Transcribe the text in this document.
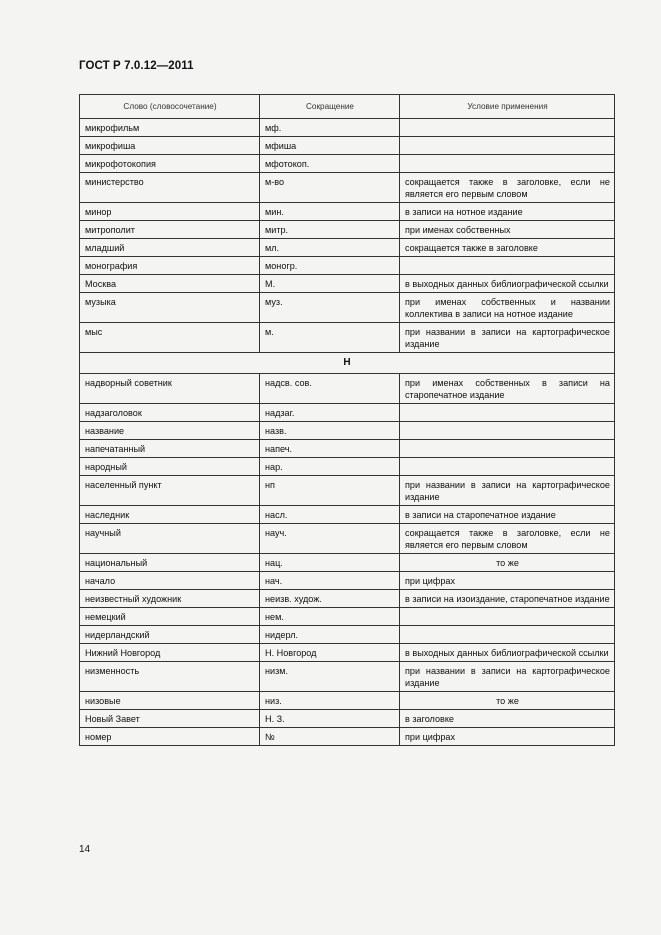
ГОСТ Р 7.0.12—2011
Слово (словосочетание)	Сокращение	Условие применения
микрофильм	мф.	
микрофиша	мфиша	
микрофотокопия	мфотокоп.	
министерство	м-во	сокращается также в заголовке, если не является его первым словом
минор	мин.	в записи на нотное издание
митрополит	митр.	при именах собственных
младший	мл.	сокращается также в заголовке
монография	моногр.	
Москва	М.	в выходных данных библиографической ссылки
музыка	муз.	при именах собственных и названии коллектива в записи на нотное издание
мыс	м.	при названии в записи на картографическое издание
Н		
надворный советник	надсв. сов.	при именах собственных в записи на старопечатное издание
надзаголовок	надзаг.	
название	назв.	
напечатанный	напеч.	
народный	нар.	
населенный пункт	нп	при названии в записи на картографическое издание
наследник	насл.	в записи на старопечатное издание
научный	науч.	сокращается также в заголовке, если не является его первым словом
национальный	нац.	то же
начало	нач.	при цифрах
неизвестный художник	неизв. худож.	в записи на изоиздание, старопечатное издание
немецкий	нем.	
нидерландский	нидерл.	
Нижний Новгород	Н. Новгород	в выходных данных библиографической ссылки
низменность	низм.	при названии в записи на картографическое издание
низовые	низ.	то же
Новый Завет	Н. З.	в заголовке
номер	№	при цифрах
14
